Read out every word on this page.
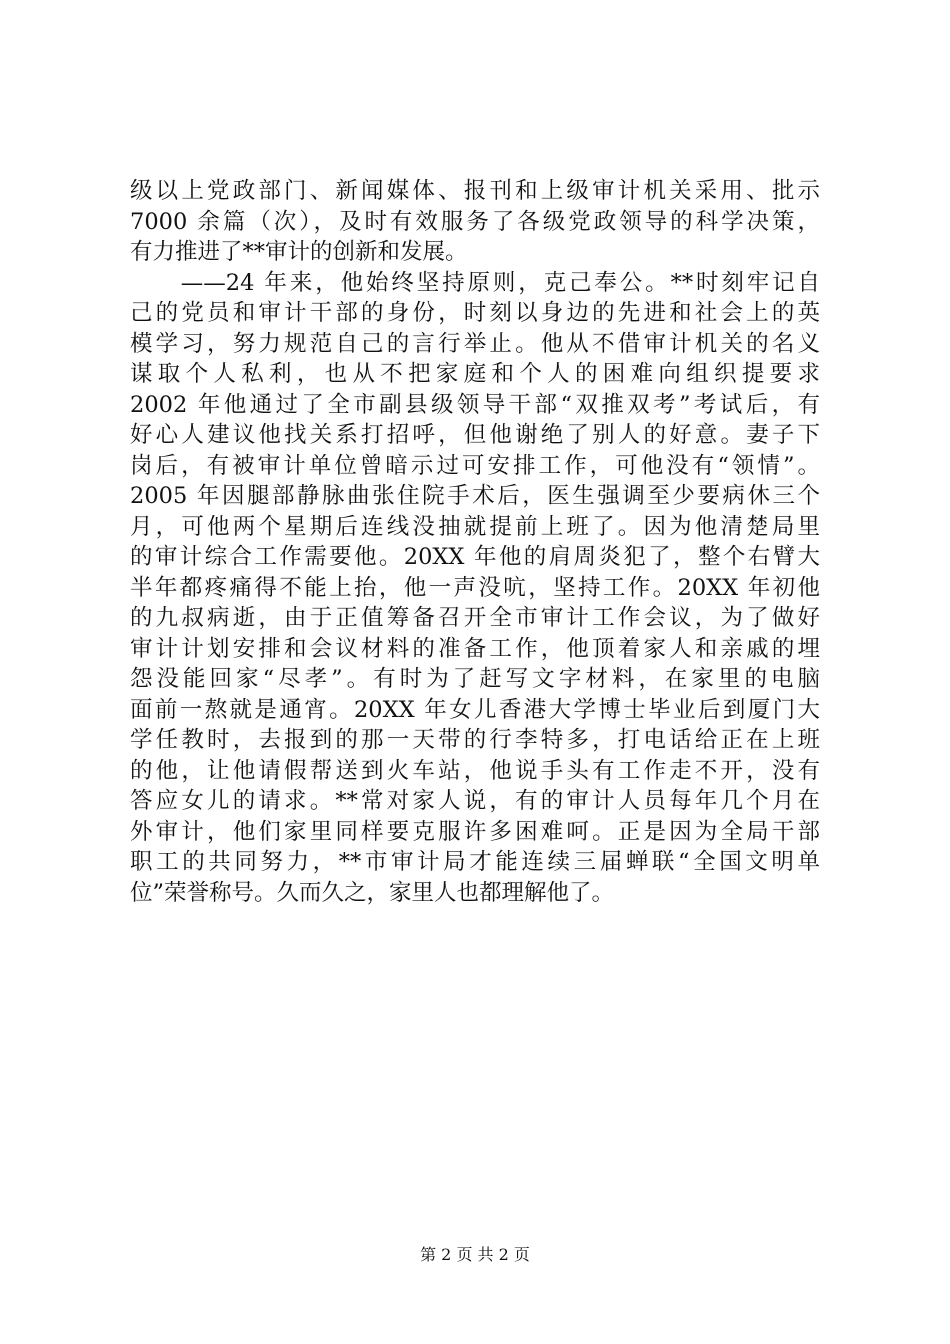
级以上党政部门、新闻媒体、报刊和上级审计机关采用、批示
7000 余篇（次），及时有效服务了各级党政领导的科学决策，
有力推进了**审计的创新和发展。
　　——24 年来，他始终坚持原则，克己奉公。**时刻牢记自
己的党员和审计干部的身份，时刻以身边的先进和社会上的英
模学习，努力规范自己的言行举止。他从不借审计机关的名义
谋取个人私利，也从不把家庭和个人的困难向组织提要求
2002 年他通过了全市副县级领导干部“双推双考”考试后，有
好心人建议他找关系打招呼，但他谢绝了别人的好意。妻子下
岗后，有被审计单位曾暗示过可安排工作，可他没有“领情”。
2005 年因腿部静脉曲张住院手术后，医生强调至少要病休三个
月，可他两个星期后连线没抽就提前上班了。因为他清楚局里
的审计综合工作需要他。20XX 年他的肩周炎犯了，整个右臂大
半年都疼痛得不能上抬，他一声没吭，坚持工作。20XX 年初他
的九叔病逝，由于正值筹备召开全市审计工作会议，为了做好
审计计划安排和会议材料的准备工作，他顶着家人和亲戚的埋
怨没能回家“尽孝”。有时为了赶写文字材料，在家里的电脑
面前一熬就是通宵。20XX 年女儿香港大学博士毕业后到厦门大
学任教时，去报到的那一天带的行李特多，打电话给正在上班
的他，让他请假帮送到火车站，他说手头有工作走不开，没有
答应女儿的请求。**常对家人说，有的审计人员每年几个月在
外审计，他们家里同样要克服许多困难呵。正是因为全局干部
职工的共同努力，**市审计局才能连续三届蝉联“全国文明单
位”荣誉称号。久而久之，家里人也都理解他了。
第 2 页 共 2 页
